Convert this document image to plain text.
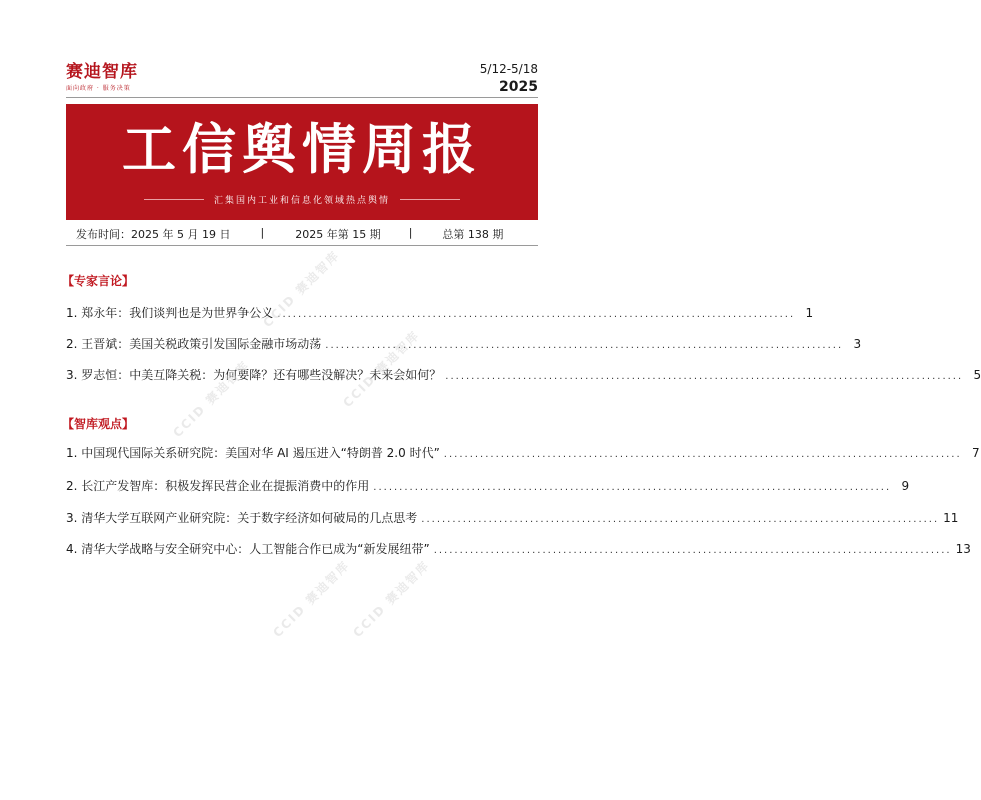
赛迪智库
面向政府 · 服务决策
5/12-5/18
2025
工信舆情周报
汇集国内工业和信息化领域热点舆情
发布时间：2025 年 5 月 19 日	|	2025 年第 15 期	|	总第 138 期
【专家言论】
1. 郑永年：我们谈判也是为世界争公义 .................................................................................................... 1
2. 王晋斌：美国关税政策引发国际金融市场动荡 .................................................................................................... 3
3. 罗志恒：中美互降关税：为何要降？还有哪些没解决？未来会如何？ .................................................................................................... 5
【智库观点】
1. 中国现代国际关系研究院：美国对华 AI 遏压进入“特朗普 2.0 时代” .................................................................................................... 7
2. 长江产发智库：积极发挥民营企业在提振消费中的作用 .................................................................................................... 9
3. 清华大学互联网产业研究院：关于数字经济如何破局的几点思考 .................................................................................................... 11
4. 清华大学战略与安全研究中心：人工智能合作已成为“新发展纽带” .................................................................................................... 13
CCID 赛迪智库
CCID 赛迪智库
CCID 赛迪智库
CCID 赛迪智库
CCID 赛迪智库
